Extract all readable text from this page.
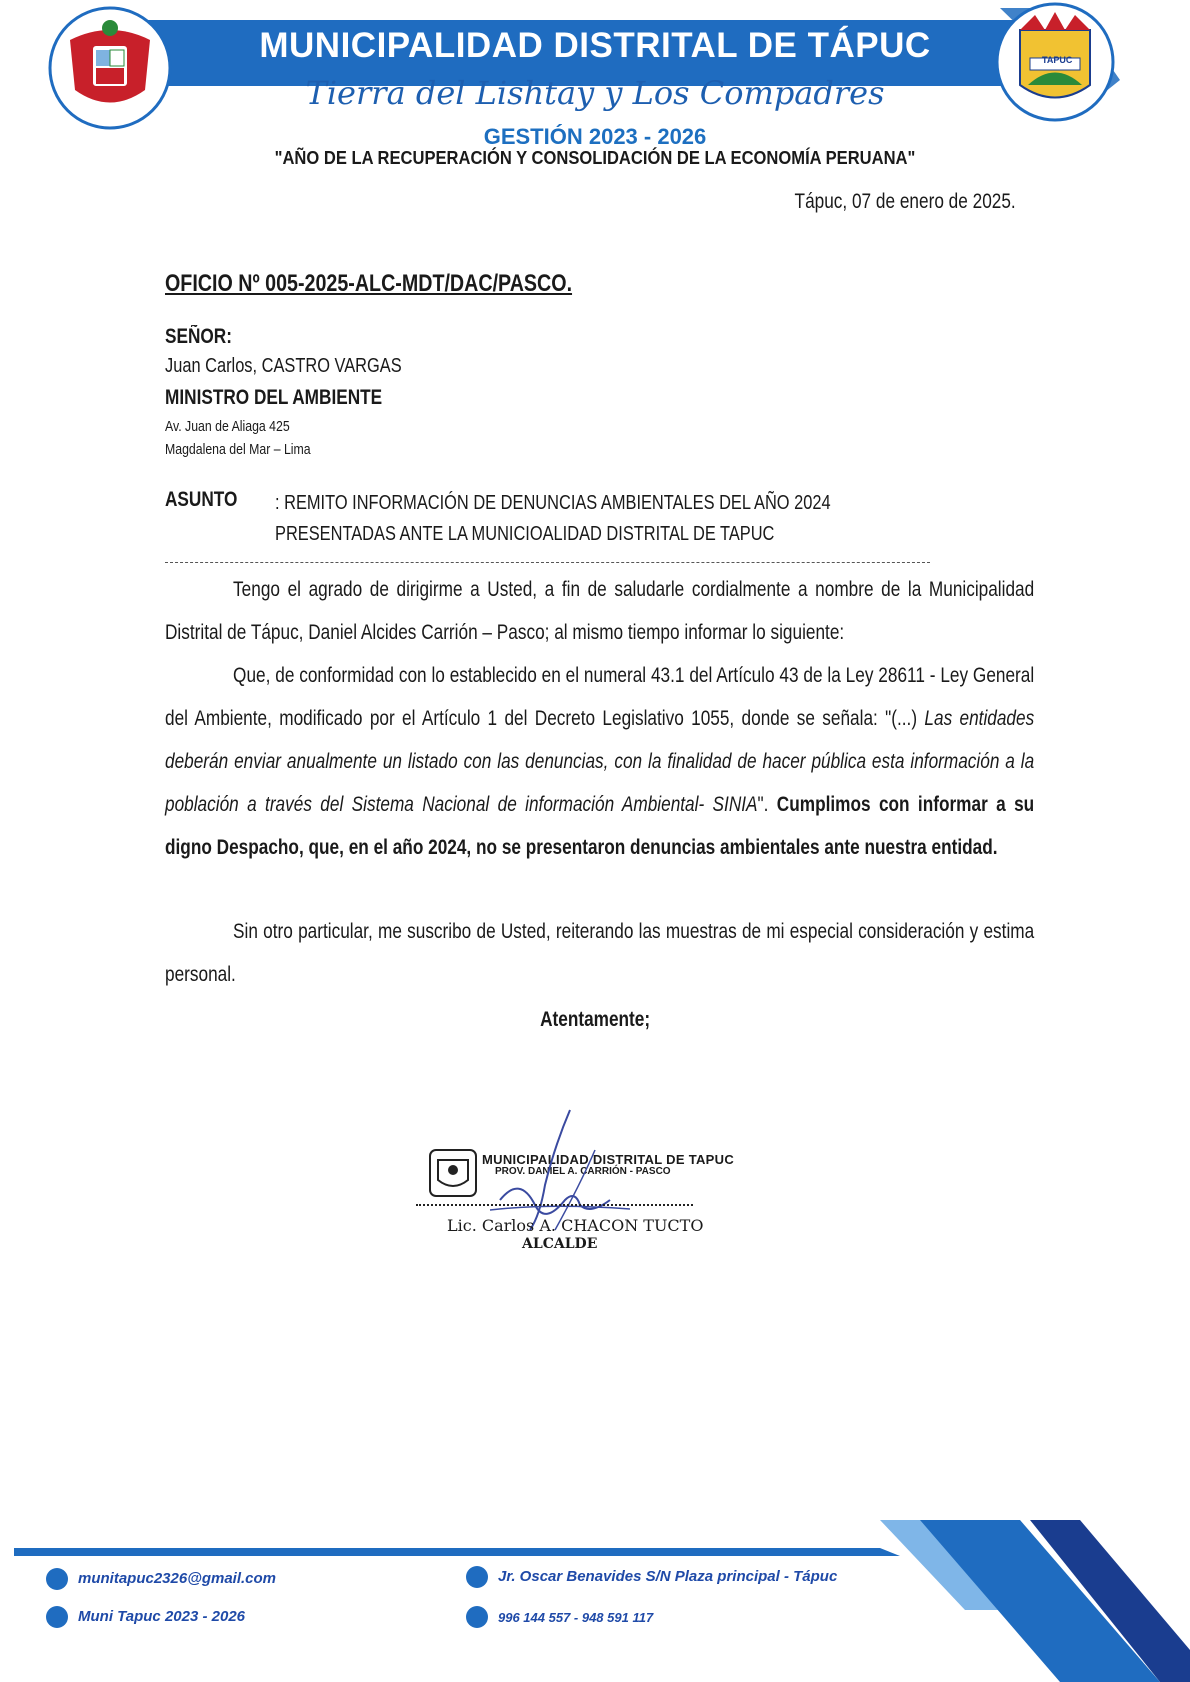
MUNICIPALIDAD DISTRITAL DE TÁPUC	TAPUC
Tierra del Lishtay y Los Compadres
GESTIÓN 2023 - 2026
"AÑO DE LA RECUPERACIÓN Y CONSOLIDACIÓN DE LA ECONOMÍA PERUANA"
Tápuc, 07 de enero de 2025.
OFICIO Nº 005-2025-ALC-MDT/DAC/PASCO.
SEÑOR:
Juan Carlos, CASTRO VARGAS
MINISTRO DEL AMBIENTE
Av. Juan de Aliaga 425
Magdalena del Mar – Lima
ASUNTO : REMITO INFORMACIÓN DE DENUNCIAS AMBIENTALES DEL AÑO 2024 PRESENTADAS ANTE LA MUNICIOALIDAD DISTRITAL DE TAPUC
Tengo el agrado de dirigirme a Usted, a fin de saludarle cordialmente a nombre de la Municipalidad Distrital de Tápuc, Daniel Alcides Carrión – Pasco; al mismo tiempo informar lo siguiente:
Que, de conformidad con lo establecido en el numeral 43.1 del Artículo 43 de la Ley 28611 - Ley General del Ambiente, modificado por el Artículo 1 del Decreto Legislativo 1055, donde se señala: "(...) Las entidades deberán enviar anualmente un listado con las denuncias, con la finalidad de hacer pública esta información a la población a través del Sistema Nacional de información Ambiental- SINIA". Cumplimos con informar a su digno Despacho, que, en el año 2024, no se presentaron denuncias ambientales ante nuestra entidad.
Sin otro particular, me suscribo de Usted, reiterando las muestras de mi especial consideración y estima personal.
Atentamente;
MUNICIPALIDAD DISTRITAL DE TAPUC
PROV. DANIEL A. CARRIÓN - PASCO
Lic. Carlos A. CHACON TUCTO
ALCALDE
munitapuc2326@gmail.com
Muni Tapuc 2023 - 2026
Jr. Oscar Benavides S/N Plaza principal - Tápuc
996 144 557 - 948 591 117
